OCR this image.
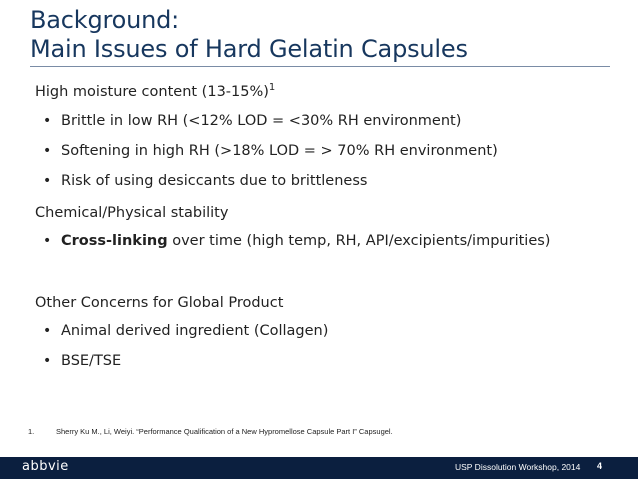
Background:
Main Issues of Hard Gelatin Capsules
High moisture content $(13-15\%)^1$
• Brittle in low RH (<12% LOD = <30% RH environment)
• Softening in high RH (>18% LOD = > 70% RH environment)
• Risk of using desiccants due to brittleness
Chemical/Physical stability
• Cross-linking over time (high temp, RH, API/excipients/impurities)
Other Concerns for Global Product
• Animal derived ingredient (Collagen)
• BSE/TSE
1.	Sherry Ku M., Li, Weiyi. “Performance Qualification of a New Hypromellose Capsule Part I” Capsugel.
abbvie	USP Dissolution Workshop, 2014 4
